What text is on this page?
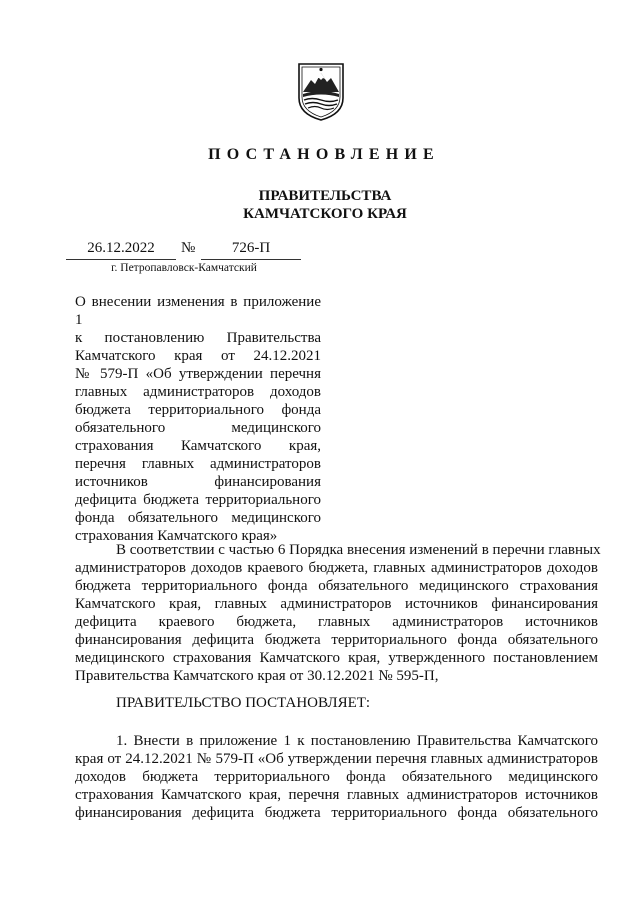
ПОСТАНОВЛЕНИЕ
ПРАВИТЕЛЬСТВА
КАМЧАТСКОГО КРАЯ
26.12.2022	№	726-П
г. Петропавловск-Камчатский
О внесении изменения в приложение 1
к постановлению Правительства
Камчатского края от 24.12.2021
№ 579-П «Об утверждении перечня
главных администраторов доходов
бюджета территориального фонда
обязательного медицинского
страхования Камчатского края,
перечня главных администраторов
источников финансирования
дефицита бюджета территориального
фонда обязательного медицинского
страхования Камчатского края»
В соответствии с частью 6 Порядка внесения изменений в перечни главных
администраторов доходов краевого бюджета, главных администраторов доходов
бюджета территориального фонда обязательного медицинского страхования
Камчатского края, главных администраторов источников финансирования
дефицита краевого бюджета, главных администраторов источников
финансирования дефицита бюджета территориального фонда обязательного
медицинского страхования Камчатского края, утвержденного постановлением
Правительства Камчатского края от 30.12.2021 № 595-П,
ПРАВИТЕЛЬСТВО ПОСТАНОВЛЯЕТ:
1. Внести в приложение 1 к постановлению Правительства Камчатского
края от 24.12.2021 № 579-П «Об утверждении перечня главных администраторов
доходов бюджета территориального фонда обязательного медицинского
страхования Камчатского края, перечня главных администраторов источников
финансирования дефицита бюджета территориального фонда обязательного
